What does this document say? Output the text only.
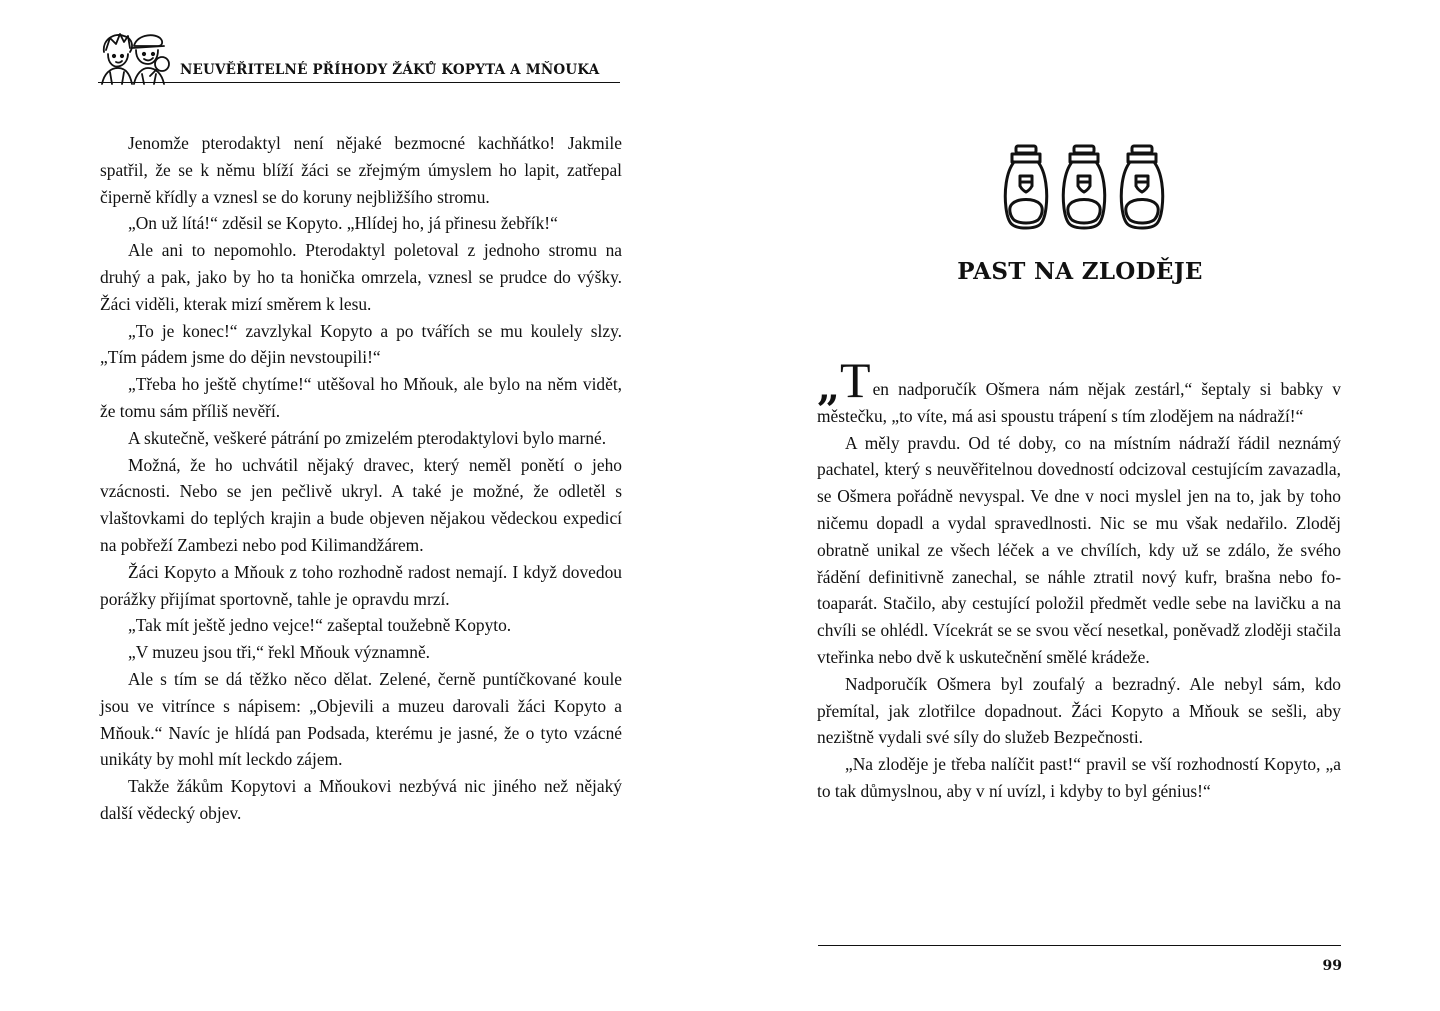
NEUVĚŘITELNÉ PŘÍHODY ŽÁKŮ KOPYTA A MŇOUKA

Jenomže pterodaktyl není nějaké bezmocné kachňátko! Jakmile spatřil, že se k němu blíží žáci se zřejmým úmyslem ho lapit, zatřepal čiperně křídly a vznesl se do koruny nejbližšího stromu.

„On už lítá!“ zděsil se Kopyto. „Hlídej ho, já přinesu žebřík!“

Ale ani to nepomohlo. Pterodaktyl poletoval z jednoho stromu na druhý a pak, jako by ho ta honička omrzela, vznesl se prudce do výšky. Žáci viděli, kterak mizí směrem k lesu.

„To je konec!“ zavzlykal Kopyto a po tvářích se mu koulely slzy. „Tím pádem jsme do dějin nevstoupili!“

„Třeba ho ještě chytíme!“ utěšoval ho Mňouk, ale bylo na něm vidět, že tomu sám příliš nevěří.

A skutečně, veškeré pátrání po zmizelém pterodaktylovi bylo marné.

Možná, že ho uchvátil nějaký dravec, který neměl ponětí o jeho vzácnosti. Nebo se jen pečlivě ukryl. A také je možné, že odletěl s vlaštovkami do teplých krajin a bude objeven nějakou vědeckou expedicí na pobřeží Zambezi nebo pod Kilimandžárem.

Žáci Kopyto a Mňouk z toho rozhodně radost nemají. I když dovedou porážky přijímat sportovně, tahle je opravdu mrzí.

„Tak mít ještě jedno vejce!“ zašeptal toužebně Kopyto.

„V muzeu jsou tři,“ řekl Mňouk významně.

Ale s tím se dá těžko něco dělat. Zelené, černě puntíčkované koule jsou ve vitrínce s nápisem: „Objevili a muzeu darovali žáci Kopyto a Mňouk.“ Navíc je hlídá pan Podsada, kterému je jasné, že o tyto vzácné unikáty by mohl mít leckdo zájem.

Takže žákům Kopytovi a Mňoukovi nezbývá nic jiného než nějaký další vědecký objev.

PAST NA ZLODĚJE

„T en nadporučík Ošmera nám nějak zestárl,“ šeptaly si babky v městečku, „to víte, má asi spoustu trápení s tím zlodějem na nádraží!“

A měly pravdu. Od té doby, co na místním nádraží řádil neznámý pachatel, který s neuvěřitelnou dovedností odcizoval cestujícím zavazadla, se Ošmera pořádně nevyspal. Ve dne v noci myslel jen na to, jak by toho ničemu dopadl a vydal spravedlnosti. Nic se mu však nedařilo. Zloděj obratně unikal ze všech léček a ve chvílích, kdy už se zdálo, že svého řádění definitivně zanechal, se náhle ztratil nový kufr, brašna nebo fotoaparát. Stačilo, aby cestující položil předmět vedle sebe na lavičku a na chvíli se ohlédl. Vícekrát se se svou věcí nesetkal, poněvadž zloději stačila vteřinka nebo dvě k uskutečnění smělé krádeže.

Nadporučík Ošmera byl zoufalý a bezradný. Ale nebyl sám, kdo přemítal, jak zlotřilce dopadnout. Žáci Kopyto a Mňouk se sešli, aby nezištně vydali své síly do služeb Bezpečnosti.

„Na zloděje je třeba nalíčit past!“ pravil se vší rozhodností Kopyto, „a to tak důmyslnou, aby v ní uvízl, i kdyby to byl génius!“

99
